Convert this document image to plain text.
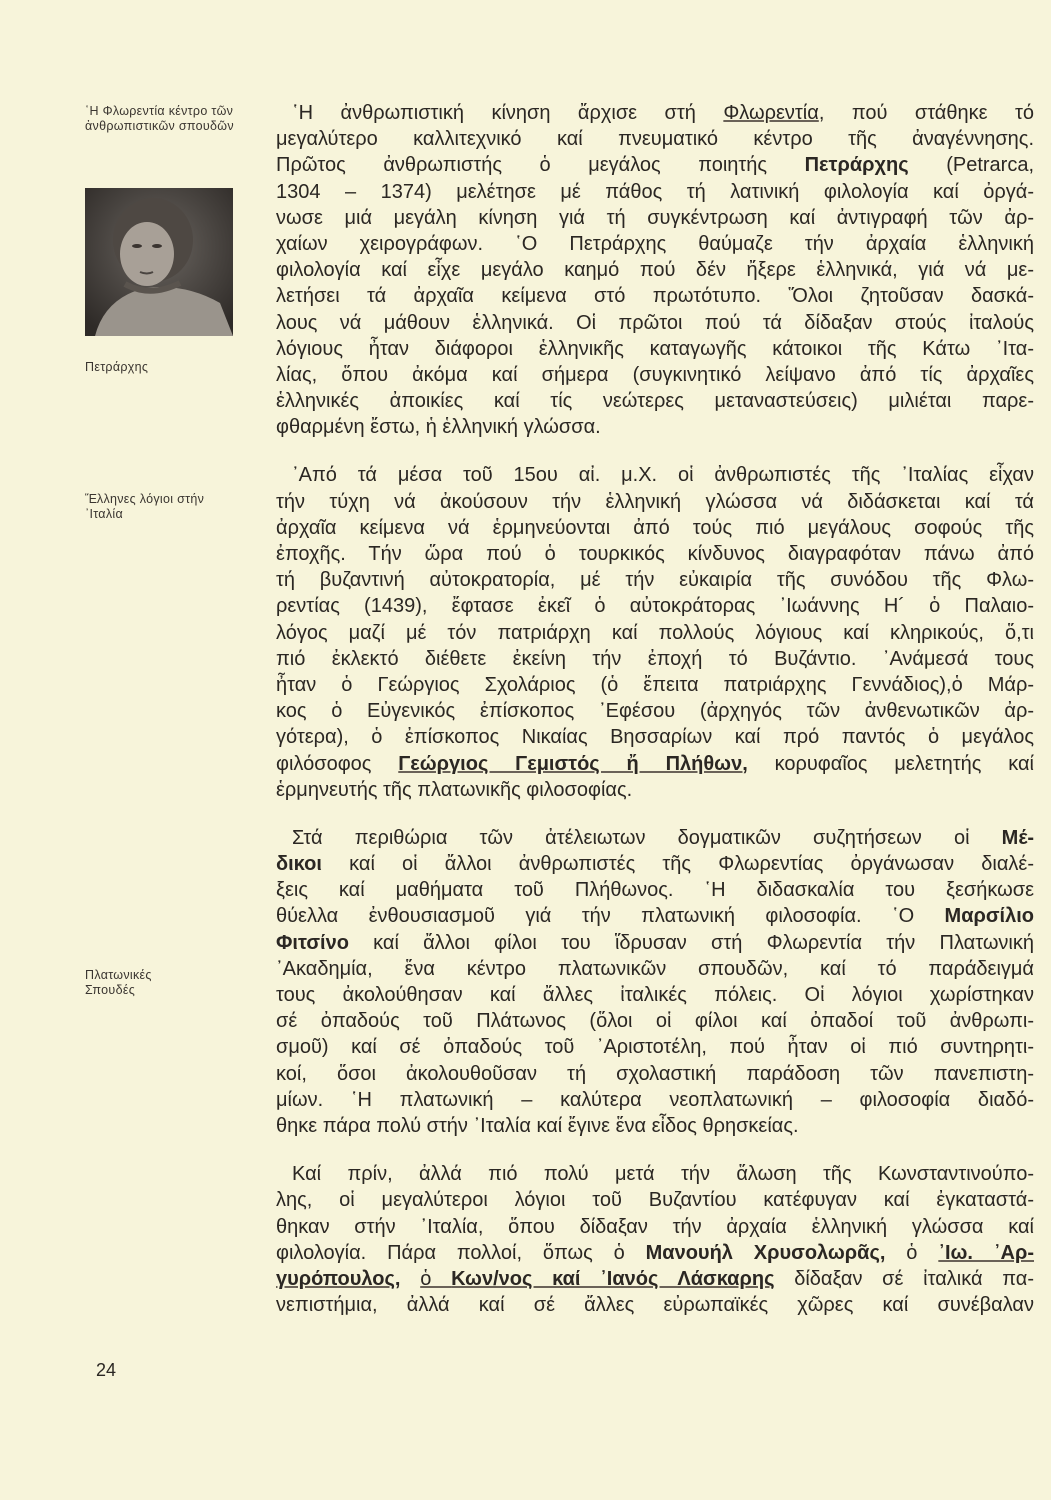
῾Η Φλωρεντία κέντρο τῶν ἀνθρωπιστικῶν σπουδῶν
Πετράρχης
Ἕλληνες λόγιοι στήν ᾿Ιταλία
Πλατωνικές Σπουδές
24
῾Η ἀνθρωπιστική κίνηση ἄρχισε στή Φλωρεντία, πού στάθηκε τό
μεγαλύτερο καλλιτεχνικό καί πνευματικό κέντρο τῆς ἀναγέννησης.
Πρῶτος ἀνθρωπιστής ὁ μεγάλος ποιητής Πετράρχης (Petrarca,
1304 – 1374) μελέτησε μέ πάθος τή λατινική φιλολογία καί ὀργά-
νωσε μιά μεγάλη κίνηση γιά τή συγκέντρωση καί ἀντιγραφή τῶν ἀρ-
χαίων χειρογράφων. ῾Ο Πετράρχης θαύμαζε τήν ἀρχαία ἑλληνική
φιλολογία καί εἶχε μεγάλο καημό πού δέν ἤξερε ἑλληνικά, γιά νά με-
λετήσει τά ἀρχαῖα κείμενα στό πρωτότυπο. Ὅλοι ζητοῦσαν δασκά-
λους νά μάθουν ἑλληνικά. Οἱ πρῶτοι πού τά δίδαξαν στούς ἰταλούς
λόγιους ἦταν διάφοροι ἑλληνικῆς καταγωγῆς κάτοικοι τῆς Κάτω ᾿Ιτα-
λίας, ὅπου ἀκόμα καί σήμερα (συγκινητικό λείψανο ἀπό τίς ἀρχαῖες
ἑλληνικές ἀποικίες καί τίς νεώτερες μεταναστεύσεις) μιλιέται παρε-
φθαρμένη ἔστω, ἡ ἑλληνική γλώσσα.
᾿Από τά μέσα τοῦ 15ου αἰ. μ.Χ. οἱ ἀνθρωπιστές τῆς ᾿Ιταλίας εἶχαν
τήν τύχη νά ἀκούσουν τήν ἑλληνική γλώσσα νά διδάσκεται καί τά
ἀρχαῖα κείμενα νά ἑρμηνεύονται ἀπό τούς πιό μεγάλους σοφούς τῆς
ἐποχῆς. Τήν ὥρα πού ὁ τουρκικός κίνδυνος διαγραφόταν πάνω ἀπό
τή βυζαντινή αὐτοκρατορία, μέ τήν εὐκαιρία τῆς συνόδου τῆς Φλω-
ρεντίας (1439), ἔφτασε ἐκεῖ ὁ αὐτοκράτορας ᾿Ιωάννης Η´ ὁ Παλαιο-
λόγος μαζί μέ τόν πατριάρχη καί πολλούς λόγιους καί κληρικούς, ὅ,τι
πιό ἐκλεκτό διέθετε ἐκείνη τήν ἐποχή τό Βυζάντιο. ᾿Ανάμεσά τους
ἦταν ὁ Γεώργιος Σχολάριος (ὁ ἔπειτα πατριάρχης Γεννάδιος),ὁ Μάρ-
κος ὁ Εὐγενικός ἐπίσκοπος ᾿Εφέσου (ἀρχηγός τῶν ἀνθενωτικῶν ἀρ-
γότερα), ὁ ἐπίσκοπος Νικαίας Βησσαρίων καί πρό παντός ὁ μεγάλος
φιλόσοφος Γεώργιος Γεμιστός ἤ Πλήθων, κορυφαῖος μελετητής καί
ἑρμηνευτής τῆς πλατωνικῆς φιλοσοφίας.
Στά περιθώρια τῶν ἀτέλειωτων δογματικῶν συζητήσεων οἱ Μέ-
δικοι καί οἱ ἄλλοι ἀνθρωπιστές τῆς Φλωρεντίας ὀργάνωσαν διαλέ-
ξεις καί μαθήματα τοῦ Πλήθωνος. ῾Η διδασκαλία του ξεσήκωσε
θύελλα ἐνθουσιασμοῦ γιά τήν πλατωνική φιλοσοφία. ῾Ο Μαρσίλιο
Φιτσίνο καί ἄλλοι φίλοι του ἵδρυσαν στή Φλωρεντία τήν Πλατωνική
᾿Ακαδημία, ἕνα κέντρο πλατωνικῶν σπουδῶν, καί τό παράδειγμά
τους ἀκολούθησαν καί ἄλλες ἰταλικές πόλεις. Οἱ λόγιοι χωρίστηκαν
σέ ὀπαδούς τοῦ Πλάτωνος (ὅλοι οἱ φίλοι καί ὀπαδοί τοῦ ἀνθρωπι-
σμοῦ) καί σέ ὀπαδούς τοῦ ᾿Αριστοτέλη, πού ἦταν οἱ πιό συντηρητι-
κοί, ὅσοι ἀκολουθοῦσαν τή σχολαστική παράδοση τῶν πανεπιστη-
μίων. ῾Η πλατωνική – καλύτερα νεοπλατωνική – φιλοσοφία διαδό-
θηκε πάρα πολύ στήν ᾿Ιταλία καί ἔγινε ἕνα εἶδος θρησκείας.
Καί πρίν, ἀλλά πιό πολύ μετά τήν ἅλωση τῆς Κωνσταντινούπο-
λης, οἱ μεγαλύτεροι λόγιοι τοῦ Βυζαντίου κατέφυγαν καί ἐγκαταστά-
θηκαν στήν ᾿Ιταλία, ὅπου δίδαξαν τήν ἀρχαία ἑλληνική γλώσσα καί
φιλολογία. Πάρα πολλοί, ὅπως ὁ Μανουήλ Χρυσολωρᾶς, ὁ ᾿Ιω. ᾿Αρ-
γυρόπουλος, ὁ Κων/νος καί ᾿Ιανός Λάσκαρης δίδαξαν σέ ἰταλικά πα-
νεπιστήμια, ἀλλά καί σέ ἄλλες εὐρωπαϊκές χῶρες καί συνέβαλαν
